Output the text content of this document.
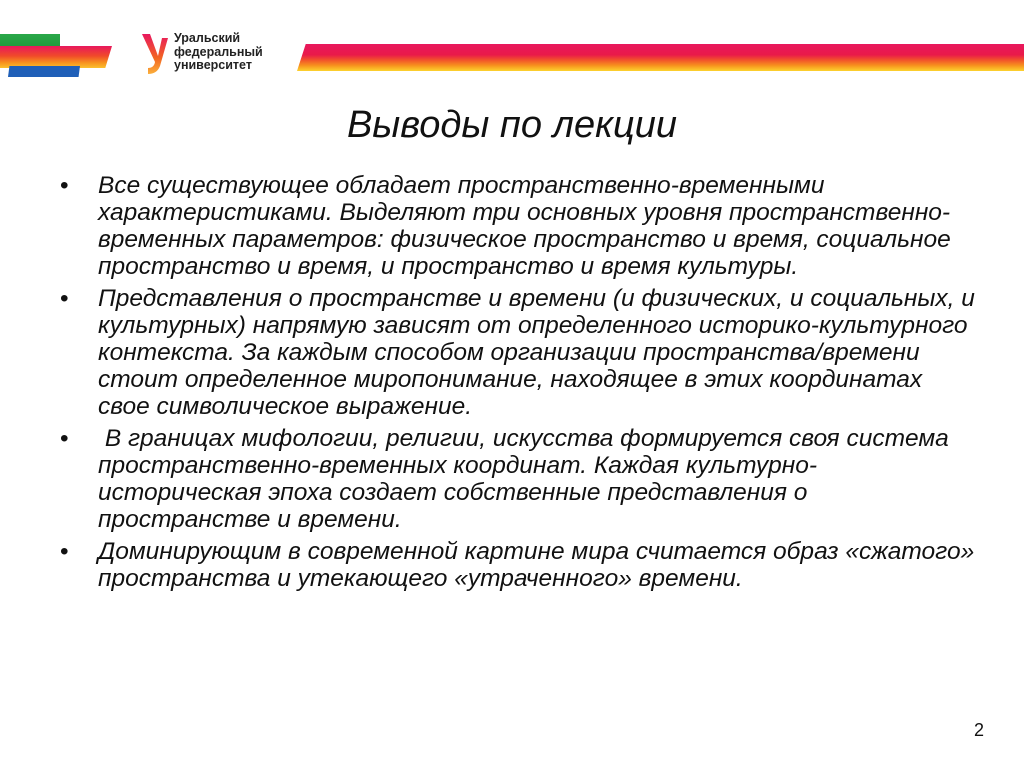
Уральский
федеральный
университет
Выводы по лекции
• Все существующее обладает пространственно-временными характеристиками. Выделяют три основных уровня пространственно-временных параметров: физическое пространство и время, социальное пространство и время, и пространство и время культуры.
• Представления о пространстве и времени (и физических, и социальных, и культурных) напрямую зависят от определенного историко-культурного контекста. За каждым способом организации пространства/времени стоит определенное миропонимание, находящее в этих координатах свое символическое выражение.
• В границах мифологии, религии, искусства формируется своя система пространственно-временных координат. Каждая культурно-историческая эпоха создает собственные представления о пространстве и времени.
• Доминирующим в современной картине мира считается образ «сжатого» пространства и утекающего «утраченного» времени.
2
